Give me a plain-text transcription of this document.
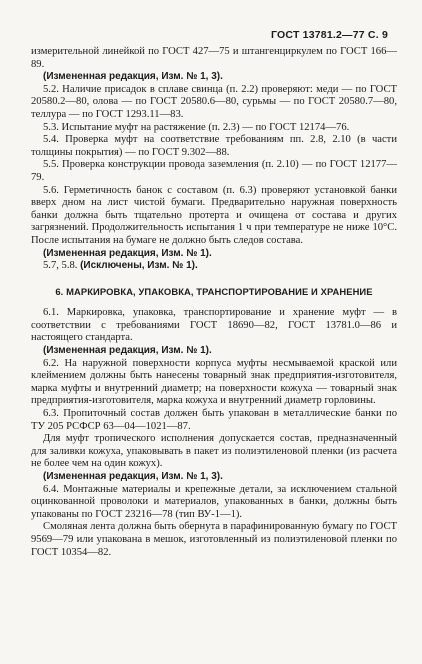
ГОСТ 13781.2—77 С. 9

измерительной линейкой по ГОСТ 427—75 и штангенциркулем по ГОСТ 166—89.

(Измененная редакция, Изм. № 1, 3).

5.2. Наличие присадок в сплаве свинца (п. 2.2) проверяют: меди — по ГОСТ 20580.2—80, олова — по ГОСТ 20580.6—80, сурьмы — по ГОСТ 20580.7—80, теллура — по ГОСТ 1293.11—83.

5.3. Испытание муфт на растяжение (п. 2.3) — по ГОСТ 12174—76.

5.4. Проверка муфт на соответствие требованиям пп. 2.8, 2.10 (в части толщины покрытия) — по ГОСТ 9.302—88.

5.5. Проверка конструкции провода заземления (п. 2.10) — по ГОСТ 12177—79.

5.6. Герметичность банок с составом (п. 6.3) проверяют установкой банки вверх дном на лист чистой бумаги. Предварительно наружная поверхность банки должна быть тщательно протерта и очищена от состава и других загрязнений. Продолжительность испытания 1 ч при температуре не ниже 10°С. После испытания на бумаге не должно быть следов состава.

(Измененная редакция, Изм. № 1).

5.7, 5.8. (Исключены, Изм. № 1).

6. МАРКИРОВКА, УПАКОВКА, ТРАНСПОРТИРОВАНИЕ И ХРАНЕНИЕ

6.1. Маркировка, упаковка, транспортирование и хранение муфт — в соответствии с требованиями ГОСТ 18690—82, ГОСТ 13781.0—86 и настоящего стандарта.

(Измененная редакция, Изм. № 1).

6.2. На наружной поверхности корпуса муфты несмываемой краской или клеймением должны быть нанесены товарный знак предприятия-изготовителя, марка муфты и внутренний диаметр; на поверхности кожуха — товарный знак предприятия-изготовителя, марка кожуха и внутренний диаметр горловины.

6.3. Пропиточный состав должен быть упакован в металлические банки по ТУ 205 РСФСР 63—04—1021—87.

Для муфт тропического исполнения допускается состав, предназначенный для заливки кожуха, упаковывать в пакет из полиэтиленовой пленки (из расчета не более чем на один кожух).

(Измененная редакция, Изм. № 1, 3).

6.4. Монтажные материалы и крепежные детали, за исключением стальной оцинкованной проволоки и материалов, упакованных в банки, должны быть упакованы по ГОСТ 23216—78 (тип ВУ-1—1).

Смоляная лента должна быть обернута в парафинированную бумагу по ГОСТ 9569—79 или упакована в мешок, изготовленный из полиэтиленовой пленки по ГОСТ 10354—82.
